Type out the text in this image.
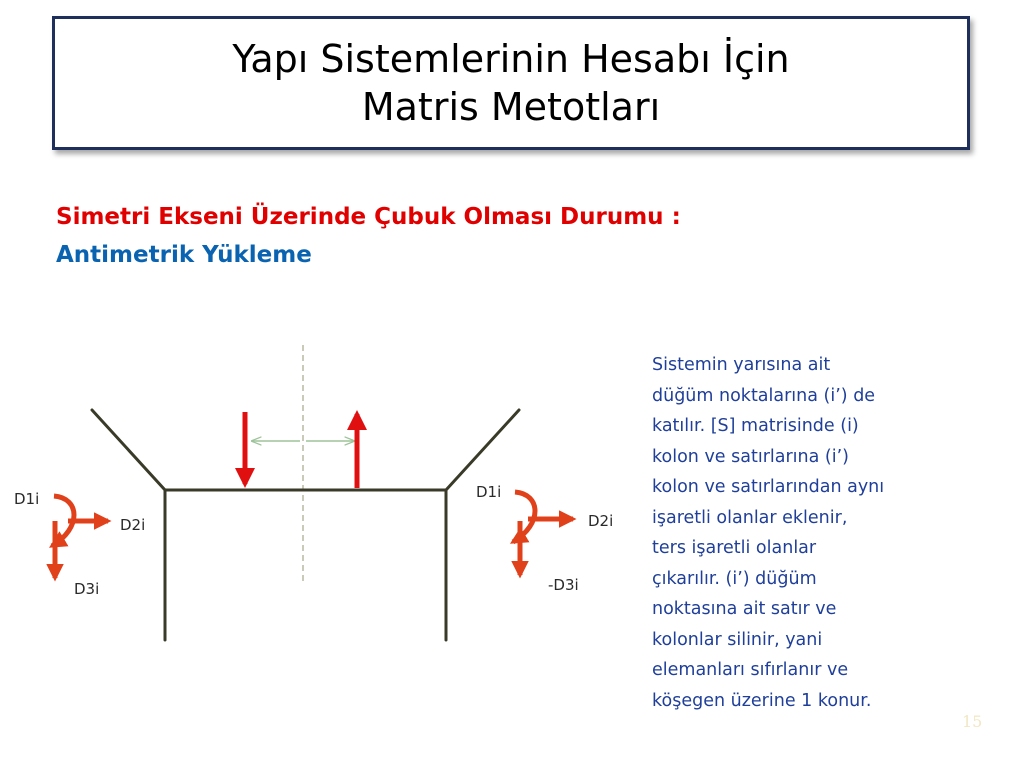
Yapı Sistemlerinin Hesabı İçin
Matris Metotları
Simetri Ekseni Üzerinde Çubuk Olması Durumu :
Antimetrik Yükleme
D1i
D2i
D3i
D1i
D2i
-D3i
Sistemin yarısına ait
düğüm noktalarına (i’) de
katılır. [S] matrisinde (i)
kolon ve satırlarına (i’)
kolon ve satırlarından aynı
işaretli olanlar eklenir,
ters işaretli olanlar
çıkarılır. (i’) düğüm
noktasına ait satır ve
kolonlar silinir, yani
elemanları sıfırlanır ve
köşegen üzerine 1 konur.
15
